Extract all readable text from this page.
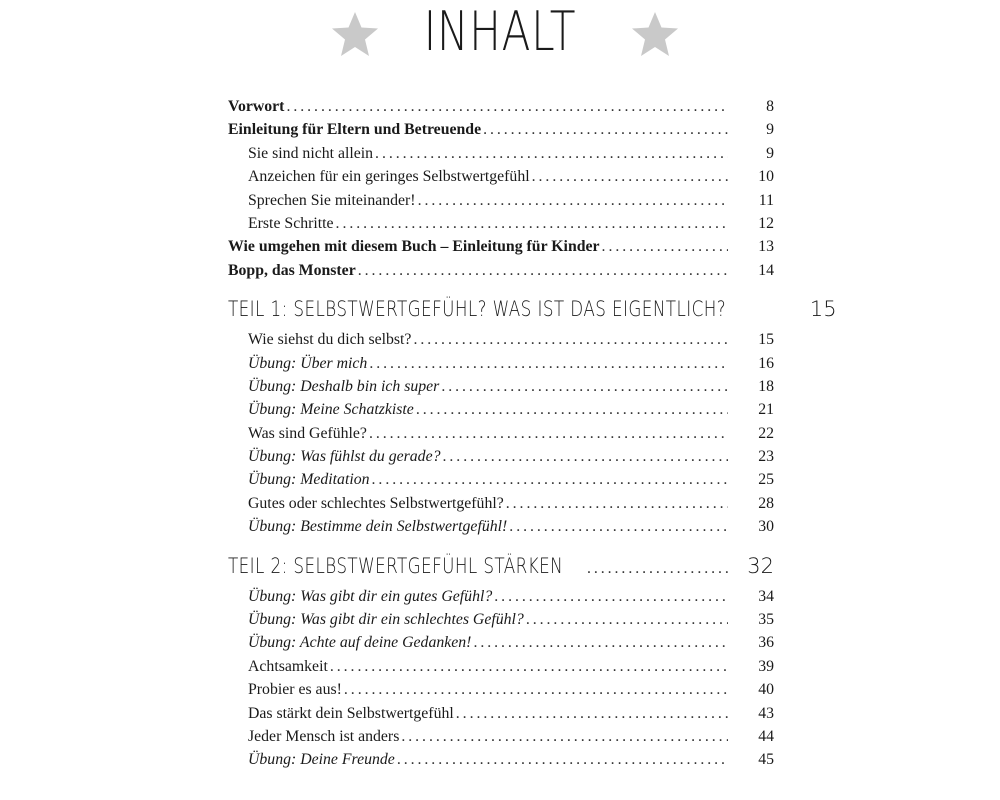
INHALT
Vorwort . . .	8
Einleitung für Eltern und Betreuende . . .	9
Sie sind nicht allein . . .	9
Anzeichen für ein geringes Selbstwertgefühl . . .	10
Sprechen Sie miteinander! . . .	11
Erste Schritte . . .	12
Wie umgehen mit diesem Buch – Einleitung für Kinder . . .	13
Bopp, das Monster . . .	14
TEIL 1: SELBSTWERTGEFÜHL? WAS IST DAS EIGENTLICH?	15
Wie siehst du dich selbst? . . .	15
Übung: Über mich . . .	16
Übung: Deshalb bin ich super . . .	18
Übung: Meine Schatzkiste . . .	21
Was sind Gefühle? . . .	22
Übung: Was fühlst du gerade? . . .	23
Übung: Meditation . . .	25
Gutes oder schlechtes Selbstwertgefühl? . . .	28
Übung: Bestimme dein Selbstwertgefühl! . . .	30
TEIL 2: SELBSTWERTGEFÜHL STÄRKEN . . .	32
Übung: Was gibt dir ein gutes Gefühl? . . .	34
Übung: Was gibt dir ein schlechtes Gefühl? . . .	35
Übung: Achte auf deine Gedanken! . . .	36
Achtsamkeit . . .	39
Probier es aus! . . .	40
Das stärkt dein Selbstwertgefühl . . .	43
Jeder Mensch ist anders . . .	44
Übung: Deine Freunde . . .	45
